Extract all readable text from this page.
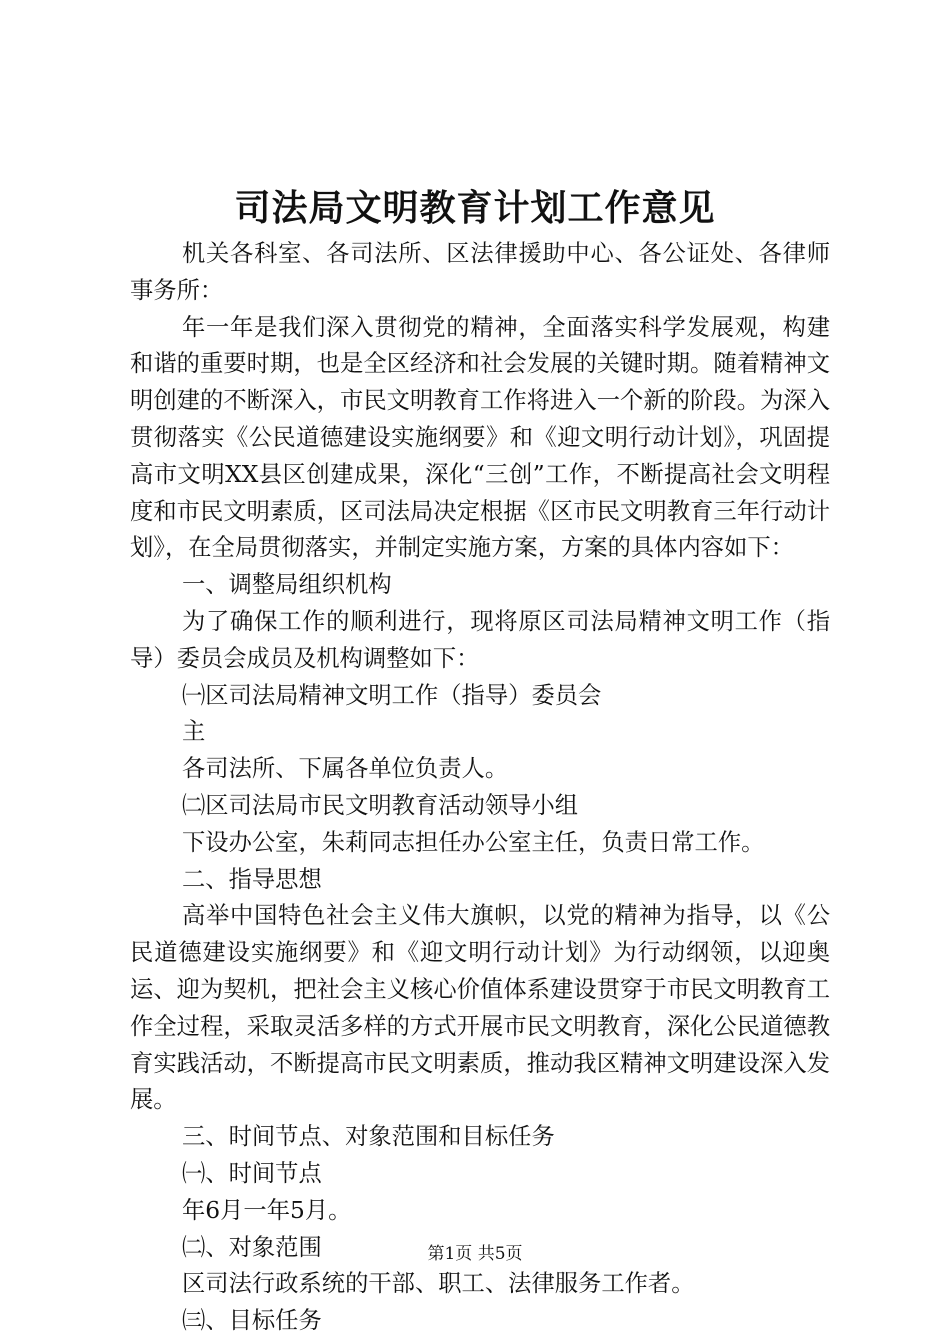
司法局文明教育计划工作意见

机关各科室、各司法所、区法律援助中心、各公证处、各律师事务所：

年一年是我们深入贯彻党的精神，全面落实科学发展观，构建和谐的重要时期，也是全区经济和社会发展的关键时期。随着精神文明创建的不断深入，市民文明教育工作将进入一个新的阶段。为深入贯彻落实《公民道德建设实施纲要》和《迎文明行动计划》，巩固提高市文明XX县区创建成果，深化“三创”工作，不断提高社会文明程度和市民文明素质，区司法局决定根据《区市民文明教育三年行动计划》，在全局贯彻落实，并制定实施方案，方案的具体内容如下：

一、调整局组织机构

为了确保工作的顺利进行，现将原区司法局精神文明工作（指导）委员会成员及机构调整如下：

㈠区司法局精神文明工作（指导）委员会

主

各司法所、下属各单位负责人。

㈡区司法局市民文明教育活动领导小组

下设办公室，朱莉同志担任办公室主任，负责日常工作。

二、指导思想

高举中国特色社会主义伟大旗帜，以党的精神为指导，以《公民道德建设实施纲要》和《迎文明行动计划》为行动纲领，以迎奥运、迎为契机，把社会主义核心价值体系建设贯穿于市民文明教育工作全过程，采取灵活多样的方式开展市民文明教育，深化公民道德教育实践活动，不断提高市民文明素质，推动我区精神文明建设深入发展。

三、时间节点、对象范围和目标任务

㈠、时间节点

年6月一年5月。

㈡、对象范围

区司法行政系统的干部、职工、法律服务工作者。

㈢、目标任务

第1页 共5页
